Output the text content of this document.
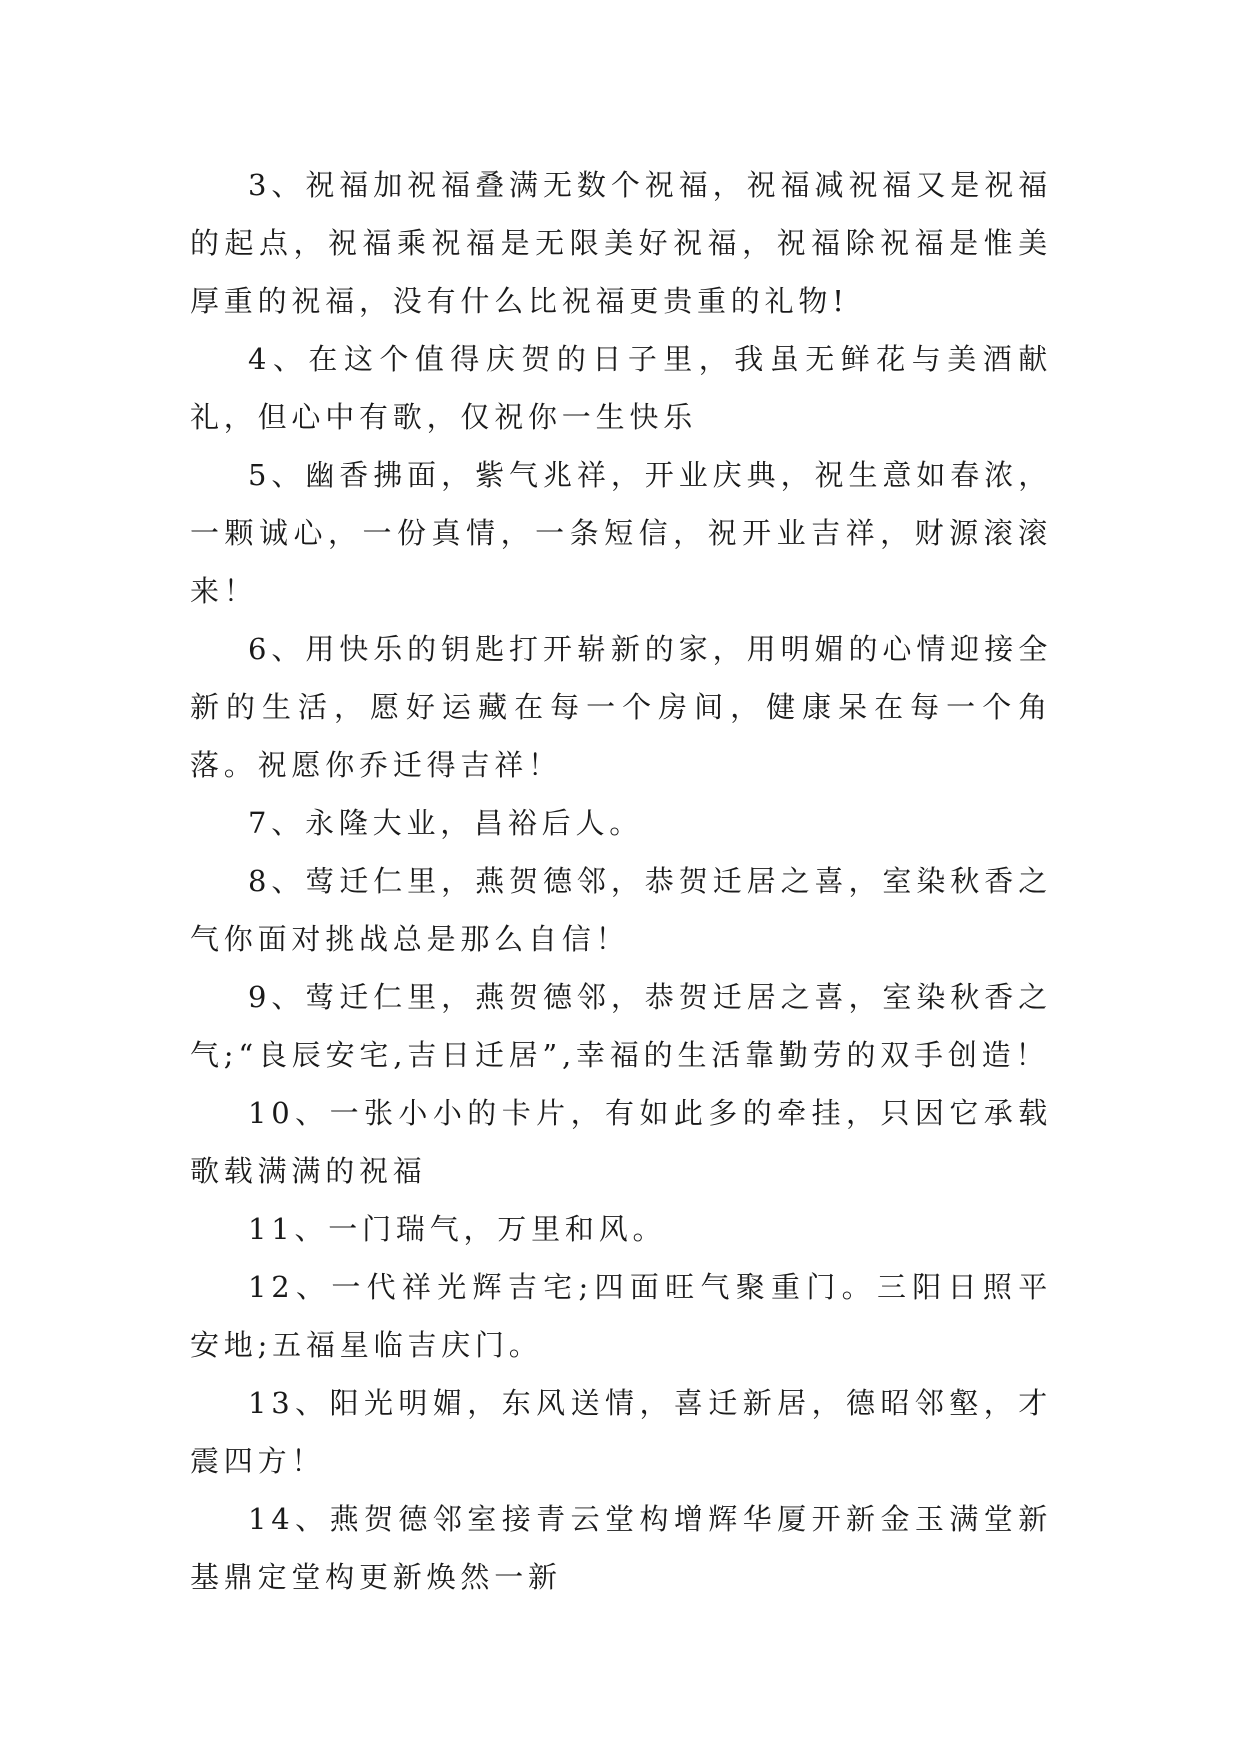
3、祝福加祝福叠满无数个祝福，祝福减祝福又是祝福的起点，祝福乘祝福是无限美好祝福，祝福除祝福是惟美厚重的祝福，没有什么比祝福更贵重的礼物!

4、在这个值得庆贺的日子里，我虽无鲜花与美酒献礼，但心中有歌，仅祝你一生快乐

5、幽香拂面，紫气兆祥，开业庆典，祝生意如春浓，一颗诚心，一份真情，一条短信，祝开业吉祥，财源滚滚来！

6、用快乐的钥匙打开崭新的家，用明媚的心情迎接全新的生活，愿好运藏在每一个房间，健康呆在每一个角落。祝愿你乔迁得吉祥！

7、永隆大业，昌裕后人。

8、莺迁仁里，燕贺德邻，恭贺迁居之喜，室染秋香之气你面对挑战总是那么自信！

9、莺迁仁里，燕贺德邻，恭贺迁居之喜，室染秋香之气;“良辰安宅,吉日迁居”,幸福的生活靠勤劳的双手创造！

10、一张小小的卡片，有如此多的牵挂，只因它承载歌载满满的祝福

11、一门瑞气，万里和风。

12、一代祥光辉吉宅;四面旺气聚重门。三阳日照平安地;五福星临吉庆门。

13、阳光明媚，东风送情，喜迁新居，德昭邻壑，才震四方！

14、燕贺德邻室接青云堂构增辉华厦开新金玉满堂新基鼎定堂构更新焕然一新
